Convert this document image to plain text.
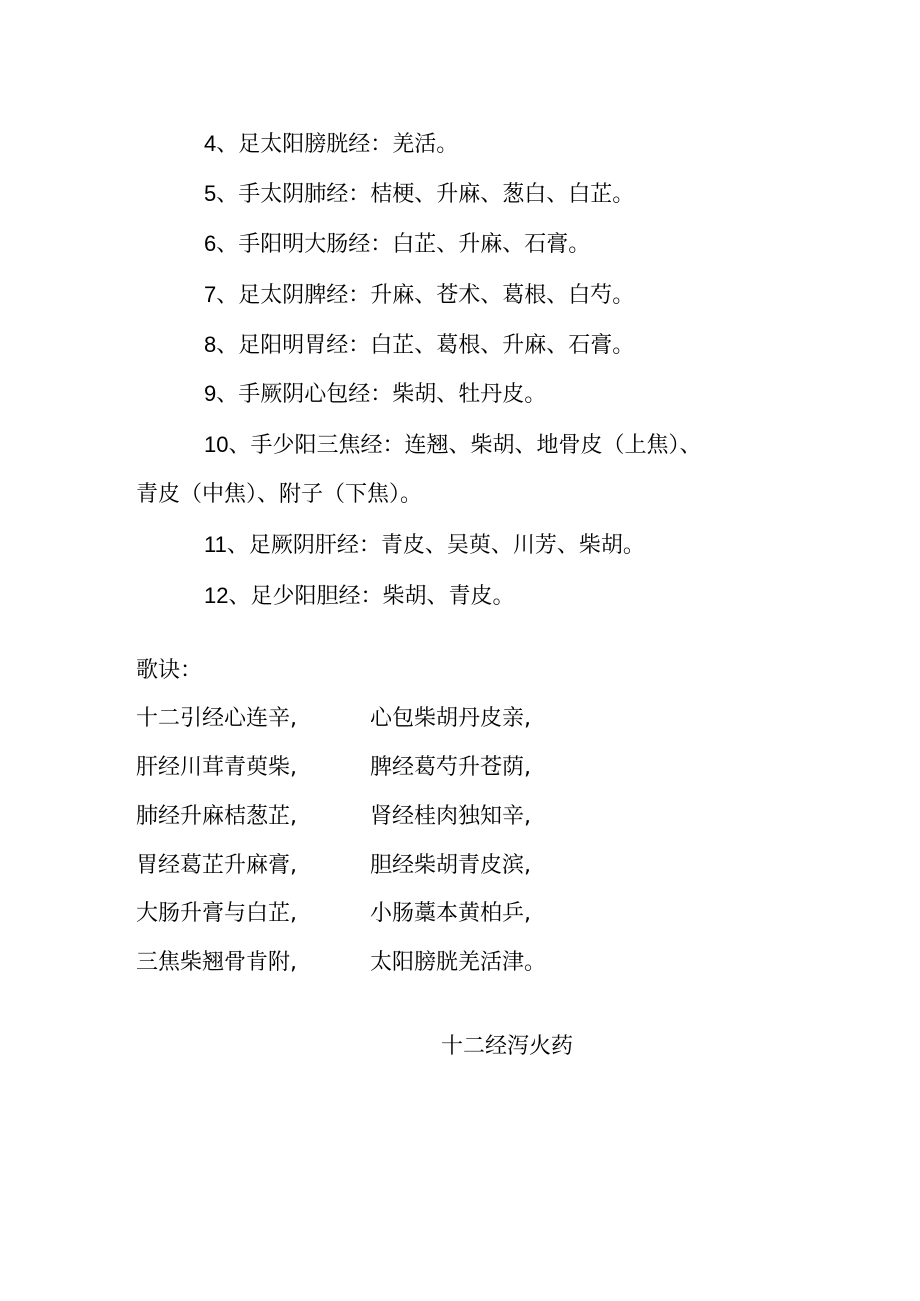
4、足太阳膀胱经：羌活。
5、手太阴肺经：桔梗、升麻、葱白、白芷。
6、手阳明大肠经：白芷、升麻、石膏。
7、足太阴脾经：升麻、苍术、葛根、白芍。
8、足阳明胃经：白芷、葛根、升麻、石膏。
9、手厥阴心包经：柴胡、牡丹皮。
10、手少阳三焦经：连翘、柴胡、地骨皮（上焦）、
青皮（中焦）、附子（下焦）。
11、足厥阴肝经：青皮、吴萸、川芳、柴胡。
12、足少阳胆经：柴胡、青皮。
歌诀：
十二引经心连辛,	心包柴胡丹皮亲,
肝经川茸青萸柴,	脾经葛芍升苍荫,
肺经升麻桔葱芷,	肾经桂肉独知辛,
胃经葛芷升麻膏,	胆经柴胡青皮滨,
大肠升膏与白芷,	小肠藁本黄柏乒,
三焦柴翘骨肯附,	太阳膀胱羌活津。
十二经泻火药
